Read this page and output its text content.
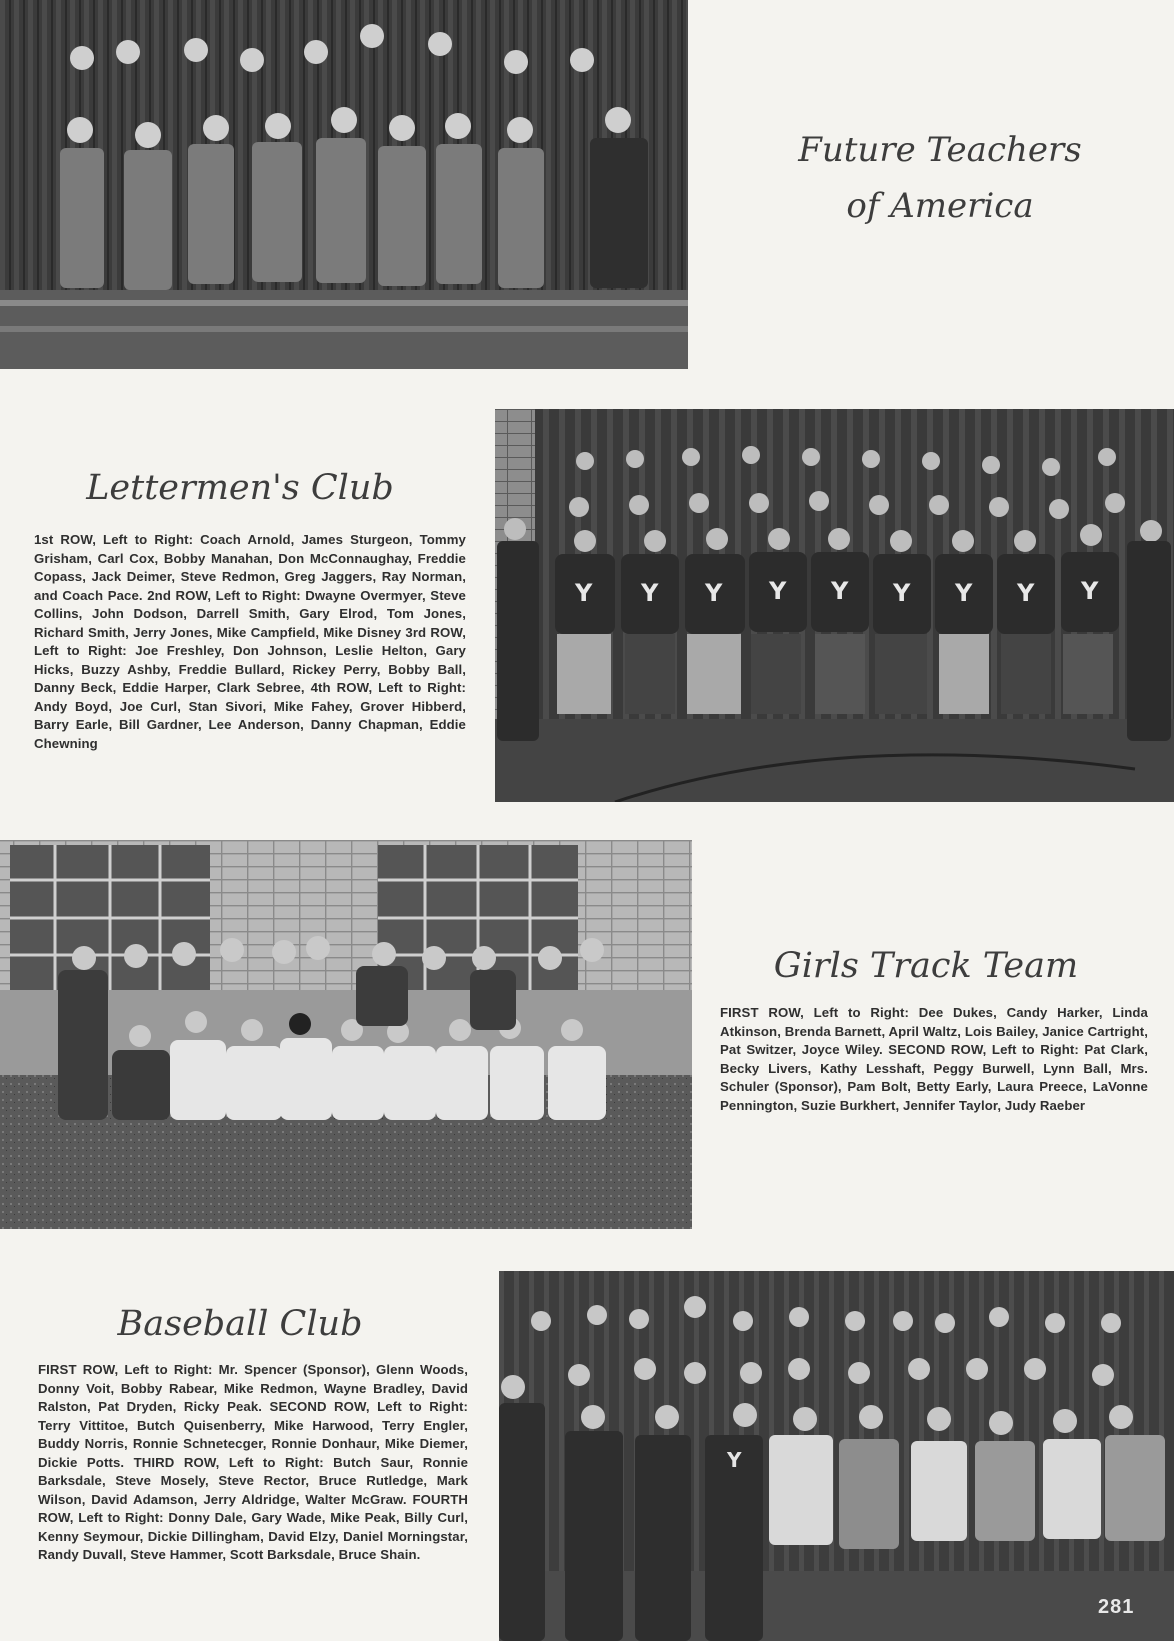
Future Teachers
of America
Lettermen's Club

1st ROW, Left to Right: Coach Arnold, James Sturgeon, Tommy Grisham, Carl Cox, Bobby Manahan, Don McConnaughay, Freddie Copass, Jack Deimer, Steve Redmon, Greg Jaggers, Ray Norman, and Coach Pace. 2nd ROW, Left to Right: Dwayne Overmyer, Steve Collins, John Dodson, Darrell Smith, Gary Elrod, Tom Jones, Richard Smith, Jerry Jones, Mike Campfield, Mike Disney 3rd ROW, Left to Right: Joe Freshley, Don Johnson, Leslie Helton, Gary Hicks, Buzzy Ashby, Freddie Bullard, Rickey Perry, Bobby Ball, Danny Beck, Eddie Harper, Clark Sebree, 4th ROW, Left to Right: Andy Boyd, Joe Curl, Stan Sivori, Mike Fahey, Grover Hibberd, Barry Earle, Bill Gardner, Lee Anderson, Danny Chapman, Eddie Chewning

Y Y Y Y Y Y Y Y Y
Girls Track Team

FIRST ROW, Left to Right: Dee Dukes, Candy Harker, Linda Atkinson, Brenda Barnett, April Waltz, Lois Bailey, Janice Cartright, Pat Switzer, Joyce Wiley. SECOND ROW, Left to Right: Pat Clark, Becky Livers, Kathy Lesshaft, Peggy Burwell, Lynn Ball, Mrs. Schuler (Sponsor), Pam Bolt, Betty Early, Laura Preece, LaVonne Pennington, Suzie Burkhert, Jennifer Taylor, Judy Raeber

Baseball Club

FIRST ROW, Left to Right: Mr. Spencer (Sponsor), Glenn Woods, Donny Voit, Bobby Rabear, Mike Redmon, Wayne Bradley, David Ralston, Pat Dryden, Ricky Peak. SECOND ROW, Left to Right: Terry Vittitoe, Butch Quisenberry, Mike Harwood, Terry Engler, Buddy Norris, Ronnie Schnetecger, Ronnie Donhaur, Mike Diemer, Dickie Potts. THIRD ROW, Left to Right: Butch Saur, Ronnie Barksdale, Steve Mosely, Steve Rector, Bruce Rutledge, Mark Wilson, David Adamson, Jerry Aldridge, Walter McGraw. FOURTH ROW, Left to Right: Donny Dale, Gary Wade, Mike Peak, Billy Curl, Kenny Seymour, Dickie Dillingham, David Elzy, Daniel Morningstar, Randy Duvall, Steve Hammer, Scott Barksdale, Bruce Shain.

Y
281
